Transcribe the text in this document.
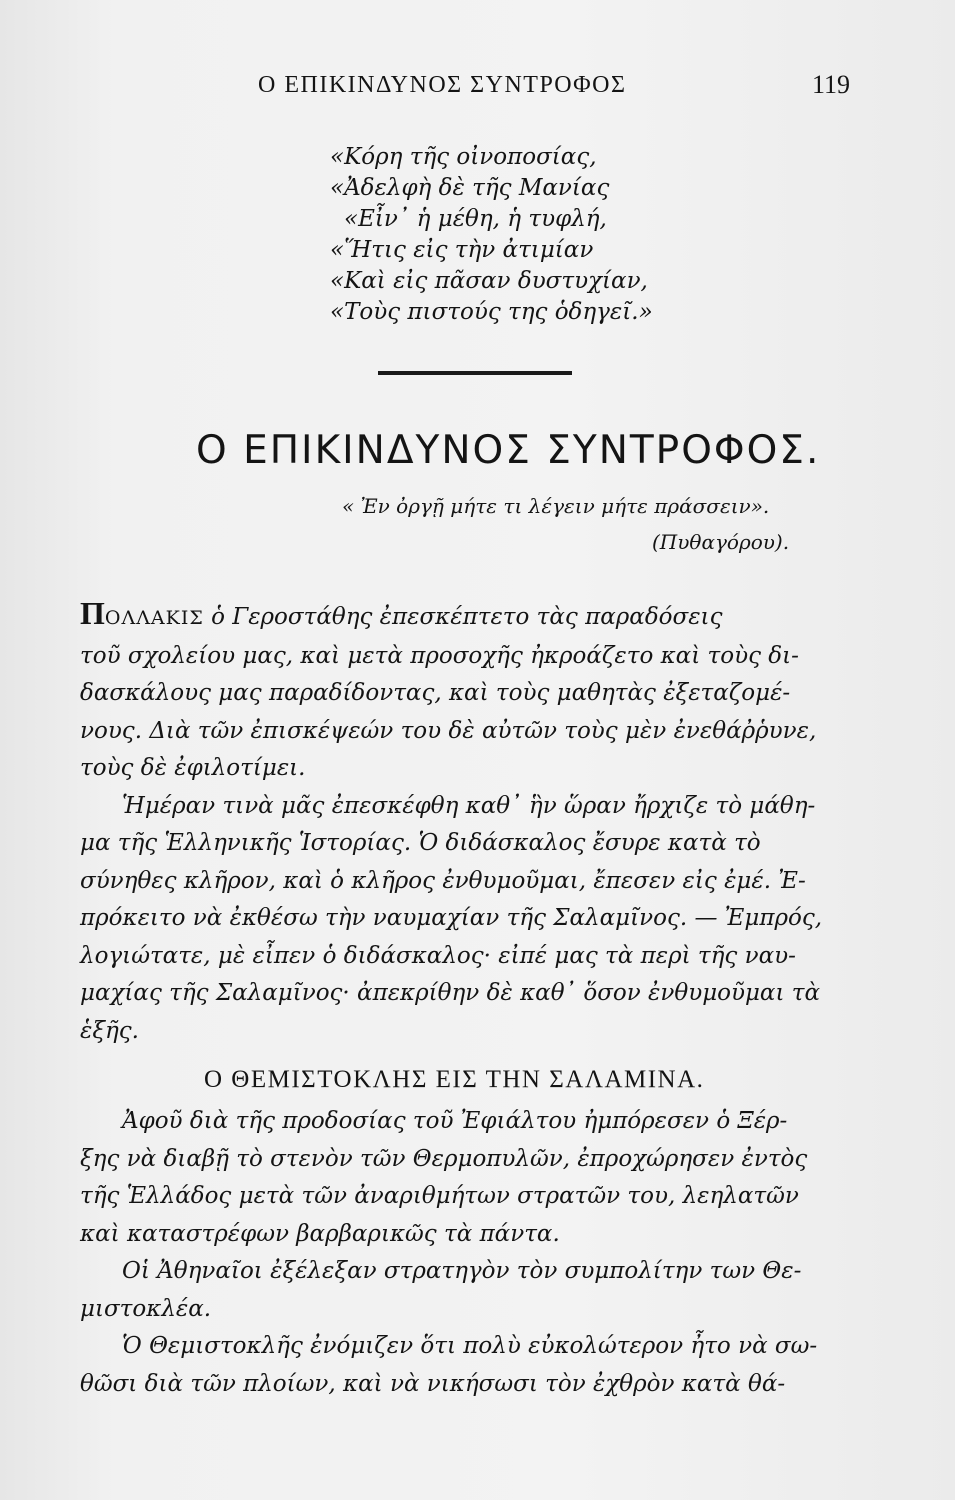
Ο ΕΠΙΚΙΝΔΥΝΟΣ ΣΥΝΤΡΟΦΟΣ	119
«Κόρη τῆς οἰνοποσίας,
«Ἀδελφὴ δὲ τῆς Μανίας
«Εἶν᾽ ἡ μέθη, ἡ τυφλή,
«Ἥτις εἰς τὴν ἀτιμίαν
«Καὶ εἰς πᾶσαν δυστυχίαν,
«Τοὺς πιστούς της ὁδηγεῖ.»
Ο ΕΠΙΚΙΝΔΥΝΟΣ ΣΥΝΤΡΟΦΟΣ.
« Ἐν ὀργῇ μήτε τι λέγειν μήτε πράσσειν».
(Πυθαγόρου).
ΠΟΛΛΑΚΙΣ ὁ Γεροστάθης ἐπεσκέπτετο τὰς παραδόσεις
τοῦ σχολείου μας, καὶ μετὰ προσοχῆς ἠκροάζετο καὶ τοὺς δι-
δασκάλους μας παραδίδοντας, καὶ τοὺς μαθητὰς ἐξεταζομέ-
νους. Διὰ τῶν ἐπισκέψεών του δὲ αὐτῶν τοὺς μὲν ἐνεθάῤῥυνε,
τοὺς δὲ ἐφιλοτίμει.
Ἡμέραν τινὰ μᾶς ἐπεσκέφθη καθ᾽ ἣν ὥραν ἤρχιζε τὸ μάθη-
μα τῆς Ἑλληνικῆς Ἱστορίας. Ὁ διδάσκαλος ἔσυρε κατὰ τὸ
σύνηθες κλῆρον, καὶ ὁ κλῆρος ἐνθυμοῦμαι, ἔπεσεν εἰς ἐμέ. Ἐ-
πρόκειτο νὰ ἐκθέσω τὴν ναυμαχίαν τῆς Σαλαμῖνος. — Ἐμπρός,
λογιώτατε, μὲ εἶπεν ὁ διδάσκαλος· εἰπέ μας τὰ περὶ τῆς ναυ-
μαχίας τῆς Σαλαμῖνος· ἀπεκρίθην δὲ καθ᾽ ὅσον ἐνθυμοῦμαι τὰ
ἑξῆς.
Ο ΘΕΜΙΣΤΟΚΛΗΣ ΕΙΣ ΤΗΝ ΣΑΛΑΜΙΝΑ.
Ἀφοῦ διὰ τῆς προδοσίας τοῦ Ἐφιάλτου ἠμπόρεσεν ὁ Ξέρ-
ξης νὰ διαβῇ τὸ στενὸν τῶν Θερμοπυλῶν, ἐπροχώρησεν ἐντὸς
τῆς Ἑλλάδος μετὰ τῶν ἀναριθμήτων στρατῶν του, λεηλατῶν
καὶ καταστρέφων βαρβαρικῶς τὰ πάντα.
Οἱ Ἀθηναῖοι ἐξέλεξαν στρατηγὸν τὸν συμπολίτην των Θε-
μιστοκλέα.
Ὁ Θεμιστοκλῆς ἐνόμιζεν ὅτι πολὺ εὐκολώτερον ἦτο νὰ σω-
θῶσι διὰ τῶν πλοίων, καὶ νὰ νικήσωσι τὸν ἐχθρὸν κατὰ θά-
